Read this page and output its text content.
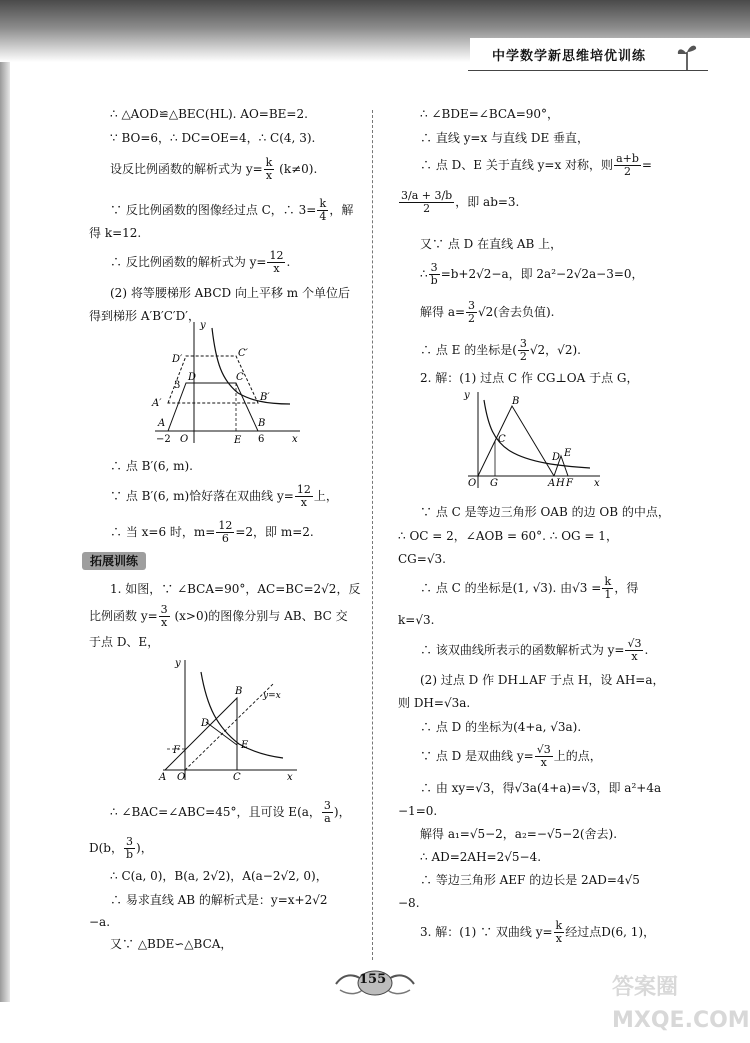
中学数学新思维培优训练
∴ △AOD≌△BEC(HL). AO=BE=2.
∵ BO=6，∴ DC=OE=4，∴ C(4, 3).
设反比例函数的解析式为 $y= \frac{k}{x} (k\ne 0)$.
∵ 反比例函数的图像经过点 C，∴ $3= \frac{k}{4}$ ，解
得 k=12.
∴ 反比例函数的解析式为 $y= \frac{12}{x}$ .
(2) 将等腰梯形 ABCD 向上平移 m 个单位后
得到梯形 A′B′C′D′，
y
D′
C′
3
D	C
A′
B′
A	B
−2 O	E 6	x
∴ 点 B′(6, m).
∵ 点 B′(6, m)恰好落在双曲线 $y= \frac{12}{x}$ 上，
∴ 当 x=6 时，$m= \frac{12}{6} =2$，即 m=2.
拓展训练
1. 如图，∵ ∠BCA=90°，AC=BC=2√2，反
比例函数 $y= \frac{3}{x} (x>0)$的图像分别与 AB、BC 交
于点 D、E，
y
y=x
B
D
F	E
A O	C	x
∴ ∠BAC=∠ABC=45°，且可设 E(a， $\frac{3}{a}$ )，
D(b， $\frac{3}{b}$ )，
∴ C(a, 0)，B(a, 2√2)，A(a−2√2, 0)，
∴ 易求直线 AB 的解析式是：y=x+2√2
−a.
又∵ △BDE∽△BCA，
∴ ∠BDE=∠BCA=90°，
∴ 直线 y=x 与直线 DE 垂直，
∴ 点 D、E 关于直线 y=x 对称，则 $\frac{a+b}{2}$ =
$\frac{3/a + 3/b}{2}$ ，即 ab=3.
又∵ 点 D 在直线 AB 上，
∴ $\frac{3}{b} =b+2√2-a$，即 2a²−2√2a−3=0，
解得 $a= \frac{3}{2} √2$(舍去负值).
∴ 点 E 的坐标是( $\frac{3}{2} √2$，√2).
2. 解：(1) 过点 C 作 CG⊥OA 于点 G，
y
B
C
D E
O G	A H F x
∵ 点 C 是等边三角形 OAB 的边 OB 的中点，
∴ OC = 2，∠AOB = 60°. ∴ OG = 1，
CG=√3.
∴ 点 C 的坐标是(1, √3). 由$√3 = \frac{k}{1}$ ，得
k=√3.
∴ 该双曲线所表示的函数解析式为 $y= \frac{√3}{x}$ .
(2) 过点 D 作 DH⊥AF 于点 H，设 AH=a，
则 DH=√3a.
∴ 点 D 的坐标为(4+a, √3a).
∵ 点 D 是双曲线 $y= \frac{√3}{x}$ 上的点，
∴ 由 xy=√3，得√3a(4+a)=√3，即 a²+4a
−1=0.
解得 a₁=√5−2，a₂=−√5−2(舍去).
∴ AD=2AH=2√5−4.
∴ 等边三角形 AEF 的边长是 2AD=4√5
−8.
3. 解：(1) ∵ 双曲线 $y= \frac{k}{x}$ 经过点D(6, 1)，
155	答案圈
MXQE.COM
